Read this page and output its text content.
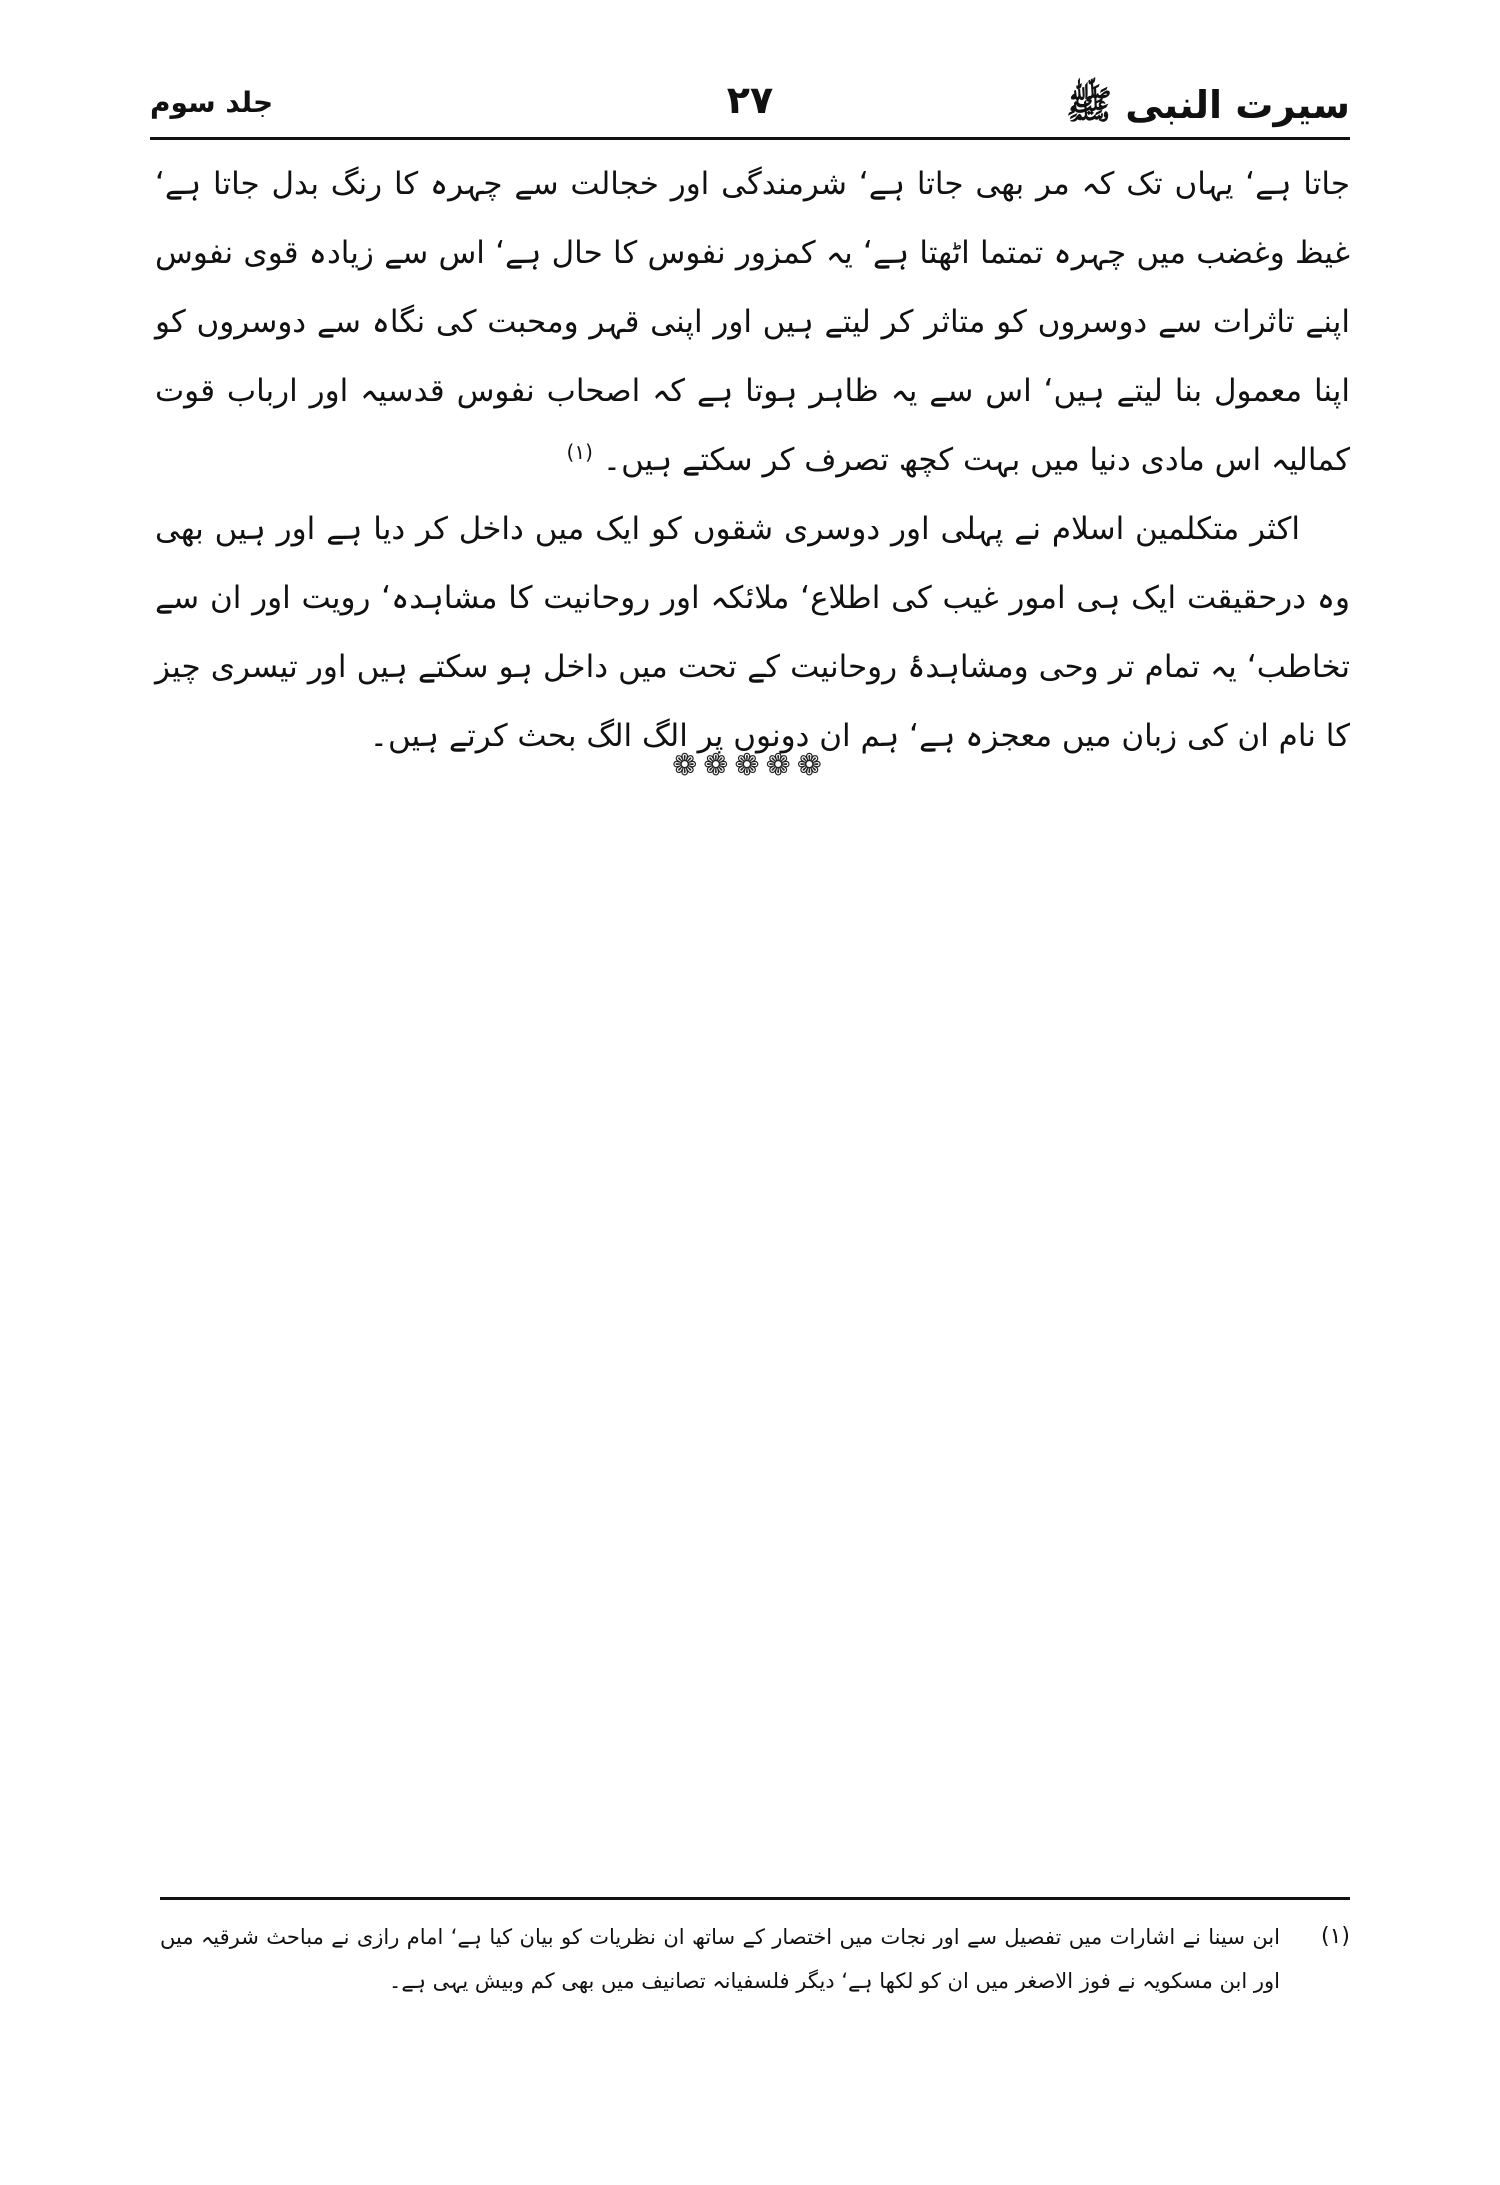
سیرت النبی ﷺ
۲۷
جلد سوم

جاتا ہے‘ یہاں تک کہ مر بھی جاتا ہے‘ شرمندگی اور خجالت سے چہرہ کا رنگ بدل جاتا ہے‘ غیظ وغضب میں چہرہ تمتما اٹھتا ہے‘ یہ کمزور نفوس کا حال ہے‘ اس سے زیادہ قوی نفوس اپنے تاثرات سے دوسروں کو متاثر کر لیتے ہیں اور اپنی قہر ومحبت کی نگاہ سے دوسروں کو اپنا معمول بنا لیتے ہیں‘ اس سے یہ ظاہر ہوتا ہے کہ اصحاب نفوس قدسیہ اور ارباب قوت کمالیہ اس مادی دنیا میں بہت کچھ تصرف کر سکتے ہیں۔$^{(۱)}$

اکثر متکلمین اسلام نے پہلی اور دوسری شقوں کو ایک میں داخل کر دیا ہے اور ہیں بھی وہ درحقیقت ایک ہی امور غیب کی اطلاع‘ ملائکہ اور روحانیت کا مشاہدہ‘ رویت اور ان سے تخاطب‘ یہ تمام تر وحی ومشاہدۂ روحانیت کے تحت میں داخل ہو سکتے ہیں اور تیسری چیز کا نام ان کی زبان میں معجزہ ہے‘ ہم ان دونوں پر الگ الگ بحث کرتے ہیں۔

❁❁❁❁❁
(۱)
ابن سینا نے اشارات میں تفصیل سے اور نجات میں اختصار کے ساتھ ان نظریات کو بیان کیا ہے‘ امام رازی نے مباحث شرقیہ میں اور ابن مسکویہ نے فوز الاصغر میں ان کو لکھا ہے‘ دیگر فلسفیانہ تصانیف میں بھی کم وبیش یہی ہے۔
